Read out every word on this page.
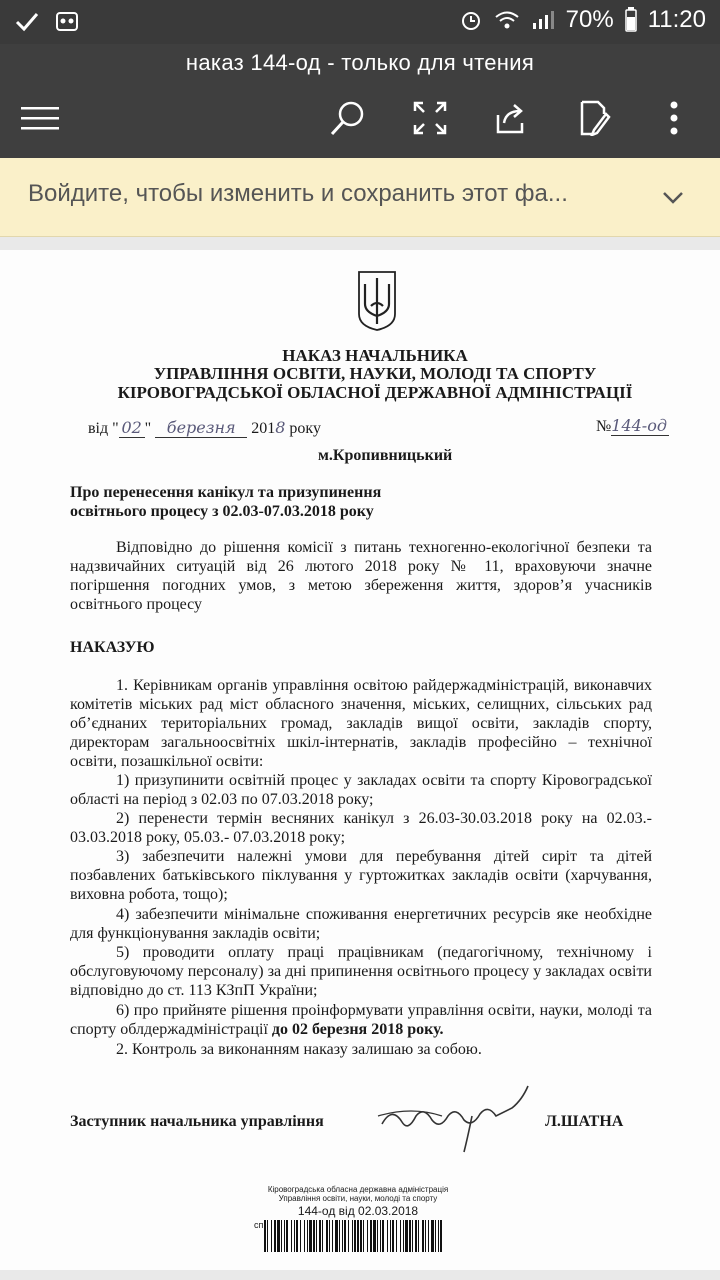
70% 11:20
наказ 144-од - только для чтения
Войдите, чтобы изменить и сохранить этот фа...
НАКАЗ НАЧАЛЬНИКА
УПРАВЛІННЯ ОСВІТИ, НАУКИ, МОЛОДІ ТА СПОРТУ
КІРОВОГРАДСЬКОЇ ОБЛАСНОЇ ДЕРЖАВНОЇ АДМІНІСТРАЦІЇ
від " 02 " березня 2018 року	№144-од
м.Кропивницький
Про перенесення канікул та призупинення
освітнього процесу з 02.03-07.03.2018 року
Відповідно до рішення комісії з питань техногенно-екологічної безпеки та надзвичайних ситуацій від 26 лютого 2018 року № 11, враховуючи значне погіршення погодних умов, з метою збереження життя, здоров’я учасників освітнього процесу
НАКАЗУЮ
1. Керівникам органів управління освітою райдержадміністрацій, виконавчих комітетів міських рад міст обласного значення, міських, селищних, сільських рад об’єднаних територіальних громад, закладів вищої освіти, закладів спорту, директорам загальноосвітніх шкіл-інтернатів, закладів професійно – технічної освіти, позашкільної освіти:
1) призупинити освітній процес у закладах освіти та спорту Кіровоградської області на період з 02.03 по 07.03.2018 року;
2) перенести термін весняних канікул з 26.03-30.03.2018 року на 02.03.- 03.03.2018 року, 05.03.- 07.03.2018 року;
3) забезпечити належні умови для перебування дітей сиріт та дітей позбавлених батьківського піклування у гуртожитках закладів освіти (харчування, виховна робота, тощо);
4) забезпечити мінімальне споживання енергетичних ресурсів яке необхідне для функціонування закладів освіти;
5) проводити оплату праці працівникам (педагогічному, технічному і обслуговуючому персоналу) за дні припинення освітнього процесу у закладах освіти відповідно до ст. 113 КЗпП України;
6) про прийняте рішення проінформувати управління освіти, науки, молоді та спорту облдержадміністрації до 02 березня 2018 року.
2. Контроль за виконанням наказу залишаю за собою.
Заступник начальника управління	Л.ШАТНА
Кіровоградська обласна державна адміністрація
Управління освіти, науки, молоді та спорту
144-од від 02.03.2018
сп
